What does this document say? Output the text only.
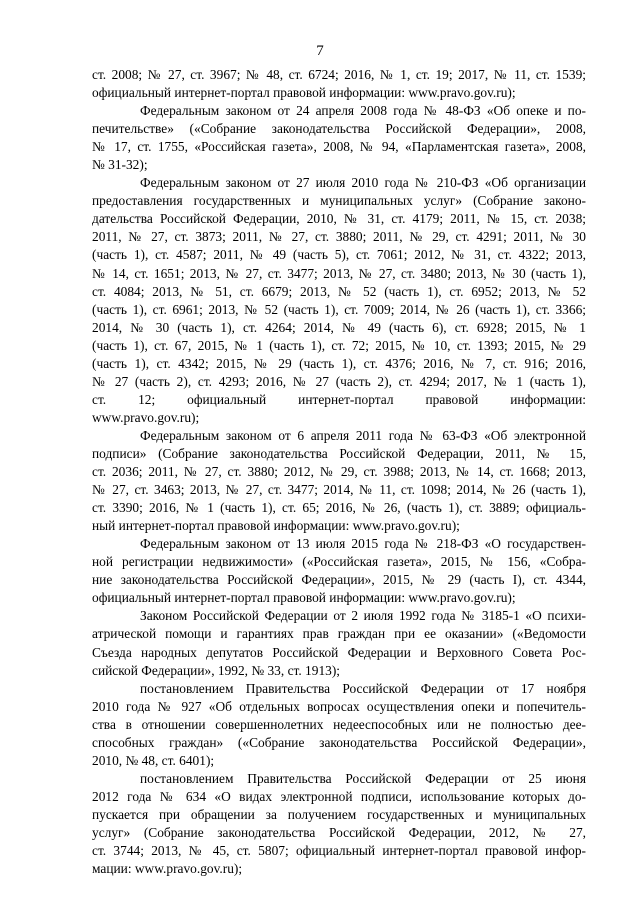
7
ст. 2008; № 27, ст. 3967; № 48, ст. 6724; 2016, № 1, ст. 19; 2017, № 11, ст. 1539;
официальный интернет-портал правовой информации: www.pravo.gov.ru);
Федеральным законом от 24 апреля 2008 года № 48-ФЗ «Об опеке и по-
печительстве» («Собрание законодательства Российской Федерации», 2008,
№ 17, ст. 1755, «Российская газета», 2008, № 94, «Парламентская газета», 2008,
№ 31-32);
Федеральным законом от 27 июля 2010 года № 210-ФЗ «Об организации
предоставления государственных и муниципальных услуг» (Собрание законо-
дательства Российской Федерации, 2010, № 31, ст. 4179; 2011, № 15, ст. 2038;
2011, № 27, ст. 3873; 2011, № 27, ст. 3880; 2011, № 29, ст. 4291; 2011, № 30
(часть 1), ст. 4587; 2011, № 49 (часть 5), ст. 7061; 2012, № 31, ст. 4322; 2013,
№ 14, ст. 1651; 2013, № 27, ст. 3477; 2013, № 27, ст. 3480; 2013, № 30 (часть 1),
ст. 4084; 2013, № 51, ст. 6679; 2013, № 52 (часть 1), ст. 6952; 2013, № 52
(часть 1), ст. 6961; 2013, № 52 (часть 1), ст. 7009; 2014, № 26 (часть 1), ст. 3366;
2014, № 30 (часть 1), ст. 4264; 2014, № 49 (часть 6), ст. 6928; 2015, № 1
(часть 1), ст. 67, 2015, № 1 (часть 1), ст. 72; 2015, № 10, ст. 1393; 2015, № 29
(часть 1), ст. 4342; 2015, № 29 (часть 1), ст. 4376; 2016, № 7, ст. 916; 2016,
№ 27 (часть 2), ст. 4293; 2016, № 27 (часть 2), ст. 4294; 2017, № 1 (часть 1),
ст. 12; официальный интернет-портал правовой информации:
www.pravo.gov.ru);
Федеральным законом от 6 апреля 2011 года № 63-ФЗ «Об электронной
подписи» (Собрание законодательства Российской Федерации, 2011, № 15,
ст. 2036; 2011, № 27, ст. 3880; 2012, № 29, ст. 3988; 2013, № 14, ст. 1668; 2013,
№ 27, ст. 3463; 2013, № 27, ст. 3477; 2014, № 11, ст. 1098; 2014, № 26 (часть 1),
ст. 3390; 2016, № 1 (часть 1), ст. 65; 2016, № 26, (часть 1), ст. 3889; официаль-
ный интернет-портал правовой информации: www.pravo.gov.ru);
Федеральным законом от 13 июля 2015 года № 218-ФЗ «О государствен-
ной регистрации недвижимости» («Российская газета», 2015, № 156, «Собра-
ние законодательства Российской Федерации», 2015, № 29 (часть I), ст. 4344,
официальный интернет-портал правовой информации: www.pravo.gov.ru);
Законом Российской Федерации от 2 июля 1992 года № 3185-1 «О психи-
атрической помощи и гарантиях прав граждан при ее оказании» («Ведомости
Съезда народных депутатов Российской Федерации и Верховного Совета Рос-
сийской Федерации», 1992, № 33, ст. 1913);
постановлением Правительства Российской Федерации от 17 ноября
2010 года № 927 «Об отдельных вопросах осуществления опеки и попечитель-
ства в отношении совершеннолетних недееспособных или не полностью дее-
способных граждан» («Собрание законодательства Российской Федерации»,
2010, № 48, ст. 6401);
постановлением Правительства Российской Федерации от 25 июня
2012 года № 634 «О видах электронной подписи, использование которых до-
пускается при обращении за получением государственных и муниципальных
услуг» (Собрание законодательства Российской Федерации, 2012, № 27,
ст. 3744; 2013, № 45, ст. 5807; официальный интернет-портал правовой инфор-
мации: www.pravo.gov.ru);
